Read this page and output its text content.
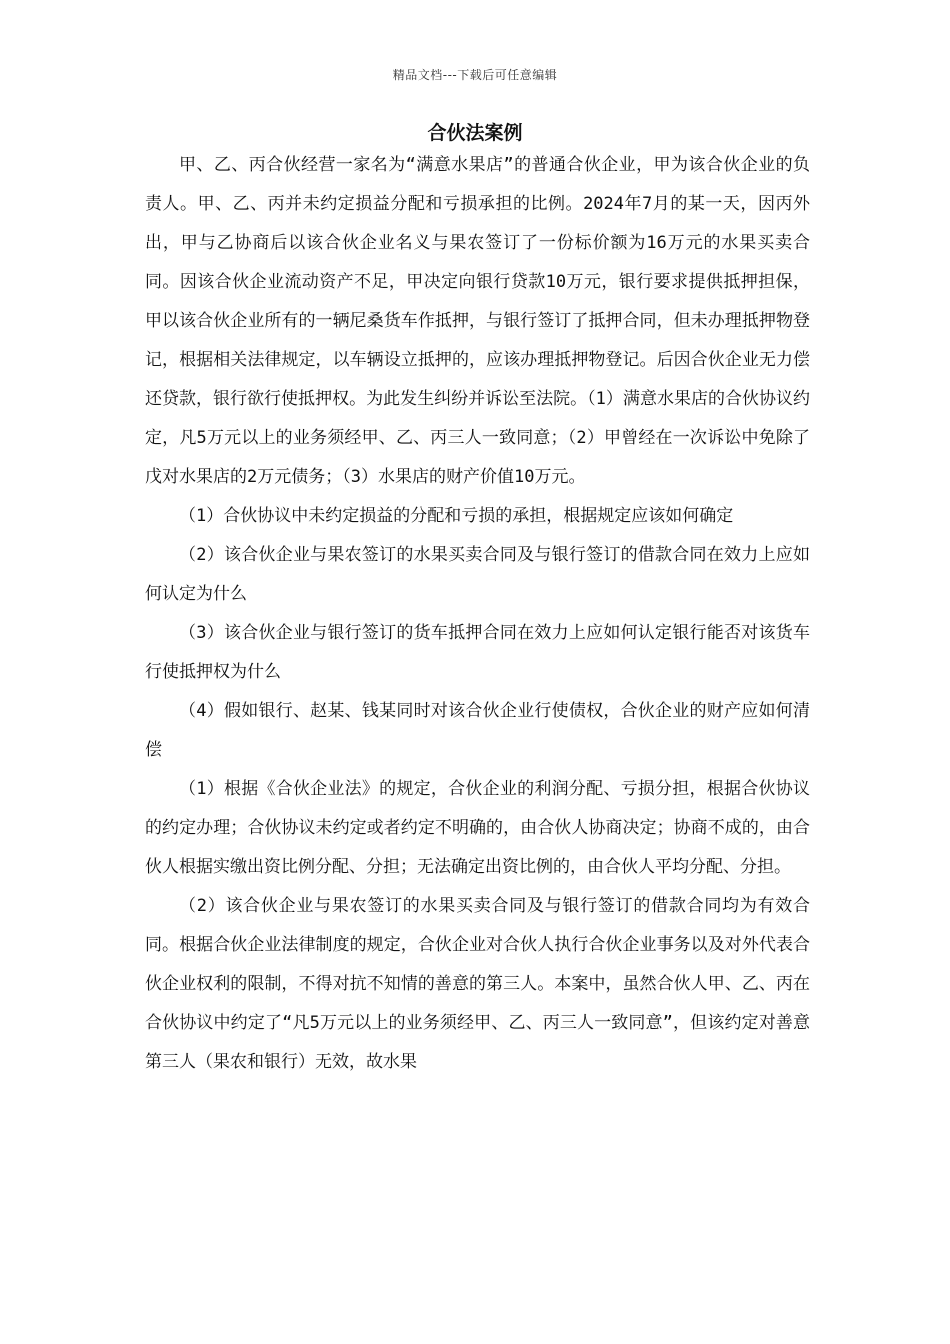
精品文档---下载后可任意编辑
合伙法案例

甲、乙、丙合伙经营一家名为“满意水果店”的普通合伙企业，甲为该合伙企业的负责人。甲、乙、丙并未约定损益分配和亏损承担的比例。2024年7月的某一天，因丙外出，甲与乙协商后以该合伙企业名义与果农签订了一份标价额为16万元的水果买卖合同。因该合伙企业流动资产不足，甲决定向银行贷款10万元，银行要求提供抵押担保，甲以该合伙企业所有的一辆尼桑货车作抵押，与银行签订了抵押合同，但未办理抵押物登记，根据相关法律规定，以车辆设立抵押的，应该办理抵押物登记。后因合伙企业无力偿还贷款，银行欲行使抵押权。为此发生纠纷并诉讼至法院。（1）满意水果店的合伙协议约定，凡5万元以上的业务须经甲、乙、丙三人一致同意；（2）甲曾经在一次诉讼中免除了戊对水果店的2万元债务；（3）水果店的财产价值10万元。

（1）合伙协议中未约定损益的分配和亏损的承担，根据规定应该如何确定

（2）该合伙企业与果农签订的水果买卖合同及与银行签订的借款合同在效力上应如何认定为什么

（3）该合伙企业与银行签订的货车抵押合同在效力上应如何认定银行能否对该货车行使抵押权为什么

（4）假如银行、赵某、钱某同时对该合伙企业行使债权，合伙企业的财产应如何清偿

（1）根据《合伙企业法》的规定，合伙企业的利润分配、亏损分担，根据合伙协议的约定办理；合伙协议未约定或者约定不明确的，由合伙人协商决定；协商不成的，由合伙人根据实缴出资比例分配、分担；无法确定出资比例的，由合伙人平均分配、分担。

（2）该合伙企业与果农签订的水果买卖合同及与银行签订的借款合同均为有效合同。根据合伙企业法律制度的规定，合伙企业对合伙人执行合伙企业事务以及对外代表合伙企业权利的限制，不得对抗不知情的善意的第三人。本案中，虽然合伙人甲、乙、丙在合伙协议中约定了“凡5万元以上的业务须经甲、乙、丙三人一致同意”，但该约定对善意第三人（果农和银行）无效，故水果
